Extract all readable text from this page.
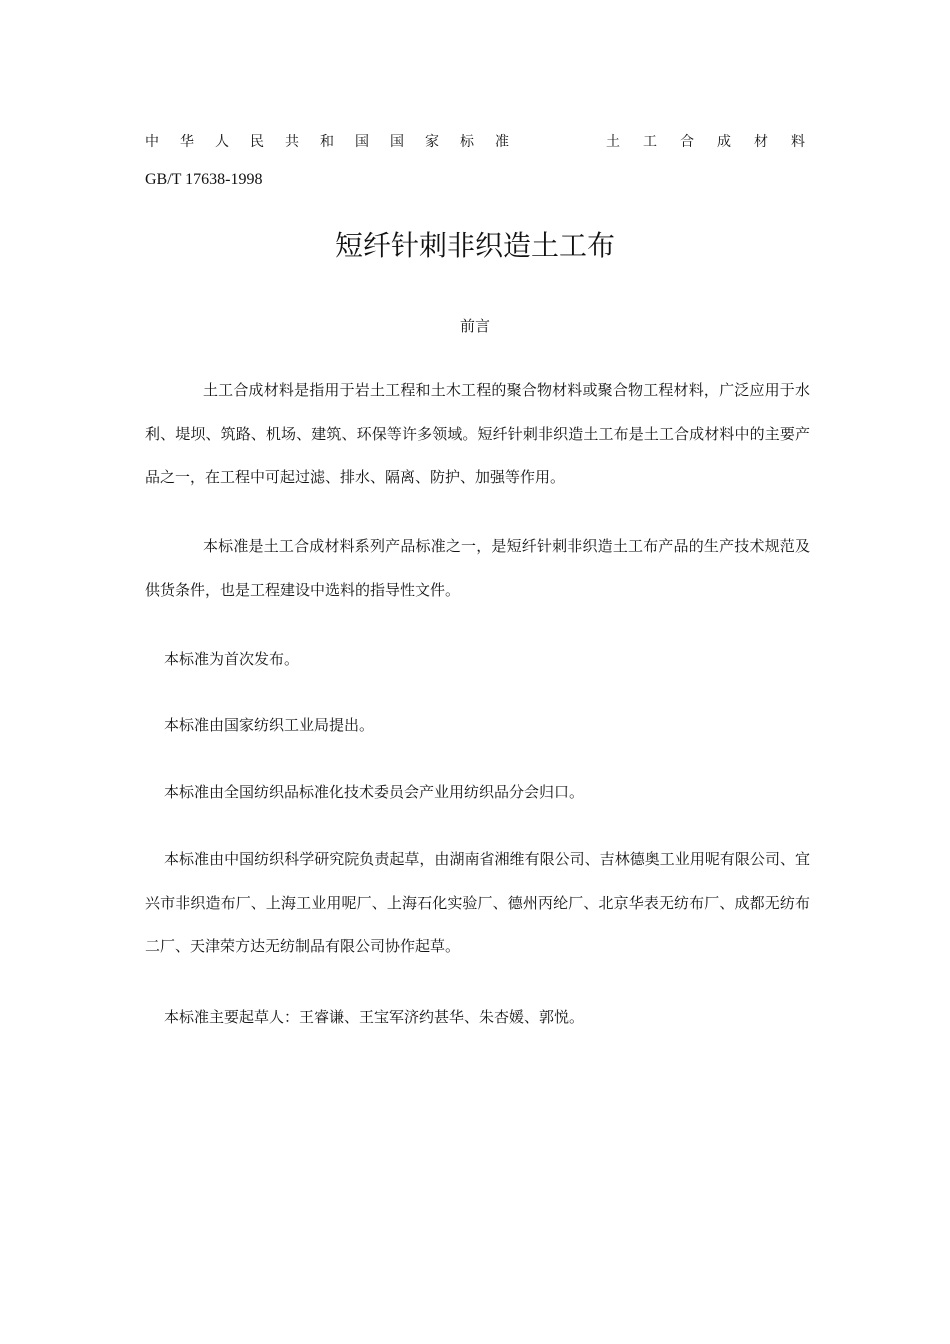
中华人民共和国国家标准	土工合成材料
GB/T 17638-1998
短纤针刺非织造土工布
前言

土工合成材料是指用于岩土工程和土木工程的聚合物材料或聚合物工程材料，广泛应用于水利、堤坝、筑路、机场、建筑、环保等许多领域。短纤针刺非织造土工布是土工合成材料中的主要产品之一，在工程中可起过滤、排水、隔离、防护、加强等作用。

本标准是土工合成材料系列产品标准之一，是短纤针刺非织造土工布产品的生产技术规范及供货条件，也是工程建设中选料的指导性文件。

本标准为首次发布。

本标准由国家纺织工业局提出。

本标准由全国纺织品标准化技术委员会产业用纺织品分会归口。

本标准由中国纺织科学研究院负责起草，由湖南省湘维有限公司、吉林德奥工业用呢有限公司、宜兴市非织造布厂、上海工业用呢厂、上海石化实验厂、德州丙纶厂、北京华表无纺布厂、成都无纺布二厂、天津荣方达无纺制品有限公司协作起草。

本标准主要起草人：王睿谦、王宝军济约甚华、朱杏媛、郭悦。
